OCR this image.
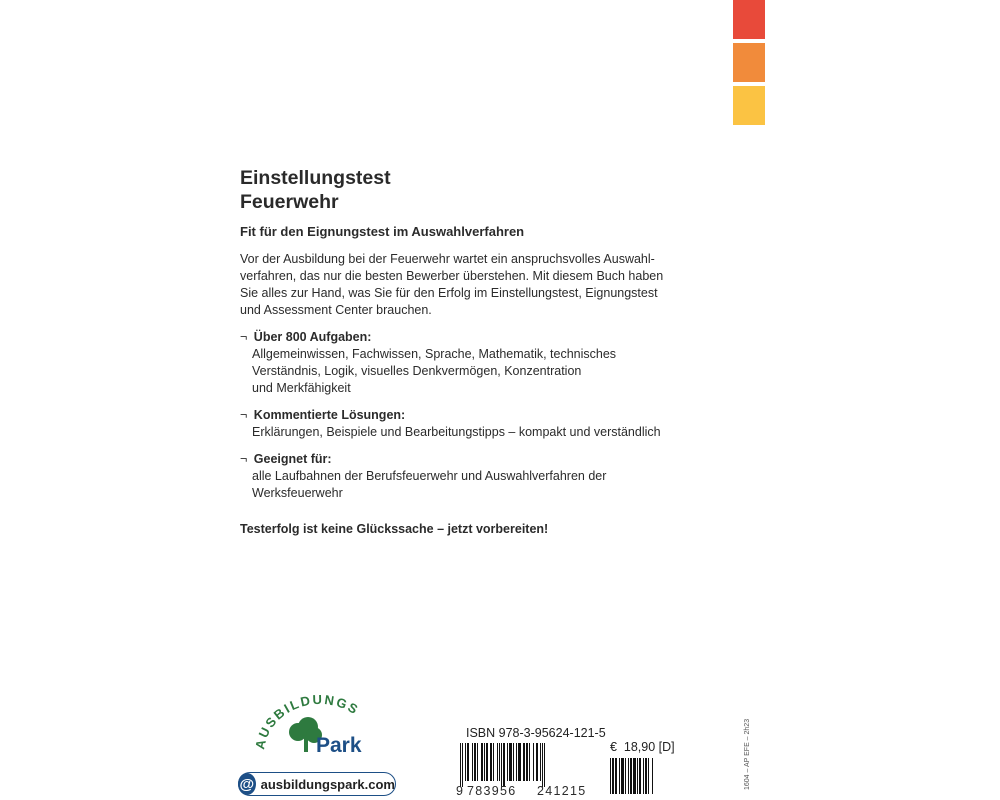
Einstellungstest
Feuerwehr
Fit für den Eignungstest im Auswahlverfahren
Vor der Ausbildung bei der Feuerwehr wartet ein anspruchsvolles Auswahl-
verfahren, das nur die besten Bewerber überstehen. Mit diesem Buch haben
Sie alles zur Hand, was Sie für den Erfolg im Einstellungstest, Eignungstest
und Assessment Center brauchen.
¬ Über 800 Aufgaben:
Allgemeinwissen, Fachwissen, Sprache, Mathematik, technisches
Verständnis, Logik, visuelles Denkvermögen, Konzentration
und Merkfähigkeit
¬ Kommentierte Lösungen:
Erklärungen, Beispiele und Bearbeitungstipps – kompakt und verständlich
¬ Geeignet für:
alle Laufbahnen der Berufsfeuerwehr und Auswahlverfahren der
Werksfeuerwehr
Testerfolg ist keine Glückssache – jetzt vorbereiten!
AUSBILDUNGS
Park
@ ausbildungspark.com
ISBN 978-3-95624-121-5
€  18,90 [D]
9 783956 241215
1604 – AP EFE – 2h23
